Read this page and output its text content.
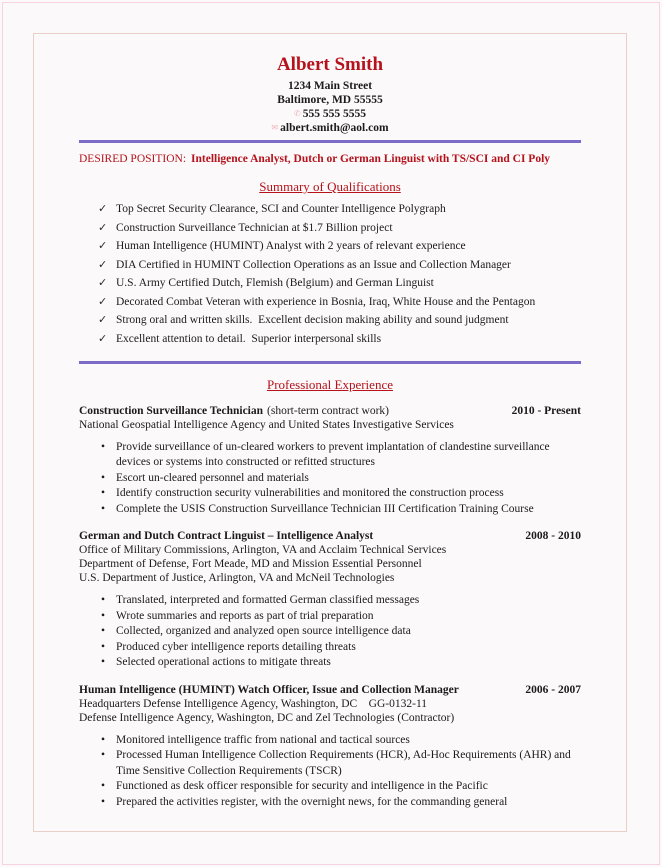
Albert Smith
1234 Main Street
Baltimore, MD 55555
✆ 555 555 5555
✉ albert.smith@aol.com
DESIRED POSITION: Intelligence Analyst, Dutch or German Linguist with TS/SCI and CI Poly
Summary of Qualifications
✓ Top Secret Security Clearance, SCI and Counter Intelligence Polygraph
✓ Construction Surveillance Technician at $1.7 Billion project
✓ Human Intelligence (HUMINT) Analyst with 2 years of relevant experience
✓ DIA Certified in HUMINT Collection Operations as an Issue and Collection Manager
✓ U.S. Army Certified Dutch, Flemish (Belgium) and German Linguist
✓ Decorated Combat Veteran with experience in Bosnia, Iraq, White House and the Pentagon
✓ Strong oral and written skills.  Excellent decision making ability and sound judgment
✓ Excellent attention to detail.  Superior interpersonal skills
Professional Experience
Construction Surveillance Technician (short-term contract work)	2010 - Present
National Geospatial Intelligence Agency and United States Investigative Services
• Provide surveillance of un-cleared workers to prevent implantation of clandestine surveillance devices or systems into constructed or refitted structures
• Escort un-cleared personnel and materials
• Identify construction security vulnerabilities and monitored the construction process
• Complete the USIS Construction Surveillance Technician III Certification Training Course
German and Dutch Contract Linguist – Intelligence Analyst	2008 - 2010
Office of Military Commissions, Arlington, VA and Acclaim Technical Services
Department of Defense, Fort Meade, MD and Mission Essential Personnel
U.S. Department of Justice, Arlington, VA and McNeil Technologies
• Translated, interpreted and formatted German classified messages
• Wrote summaries and reports as part of trial preparation
• Collected, organized and analyzed open source intelligence data
• Produced cyber intelligence reports detailing threats
• Selected operational actions to mitigate threats
Human Intelligence (HUMINT) Watch Officer, Issue and Collection Manager	2006 - 2007
Headquarters Defense Intelligence Agency, Washington, DC    GG-0132-11
Defense Intelligence Agency, Washington, DC and Zel Technologies (Contractor)
• Monitored intelligence traffic from national and tactical sources
• Processed Human Intelligence Collection Requirements (HCR), Ad-Hoc Requirements (AHR) and Time Sensitive Collection Requirements (TSCR)
• Functioned as desk officer responsible for security and intelligence in the Pacific
• Prepared the activities register, with the overnight news, for the commanding general
